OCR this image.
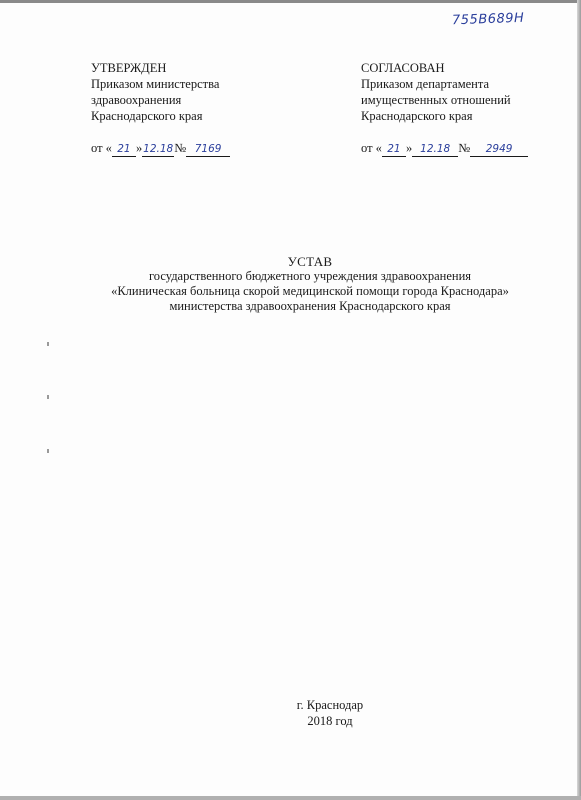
755B689Н
УТВЕРЖДЕН
Приказом министерства
здравоохранения
Краснодарского края
от « 21 »12.18№ 7169
СОГЛАСОВАН
Приказом департамента
имущественных отношений
Краснодарского края
от « 21 » 12.18 № 2949
УСТАВ
государственного бюджетного учреждения здравоохранения
«Клиническая больница скорой медицинской помощи города Краснодара»
министерства здравоохранения Краснодарского края
г. Краснодар
2018 год
